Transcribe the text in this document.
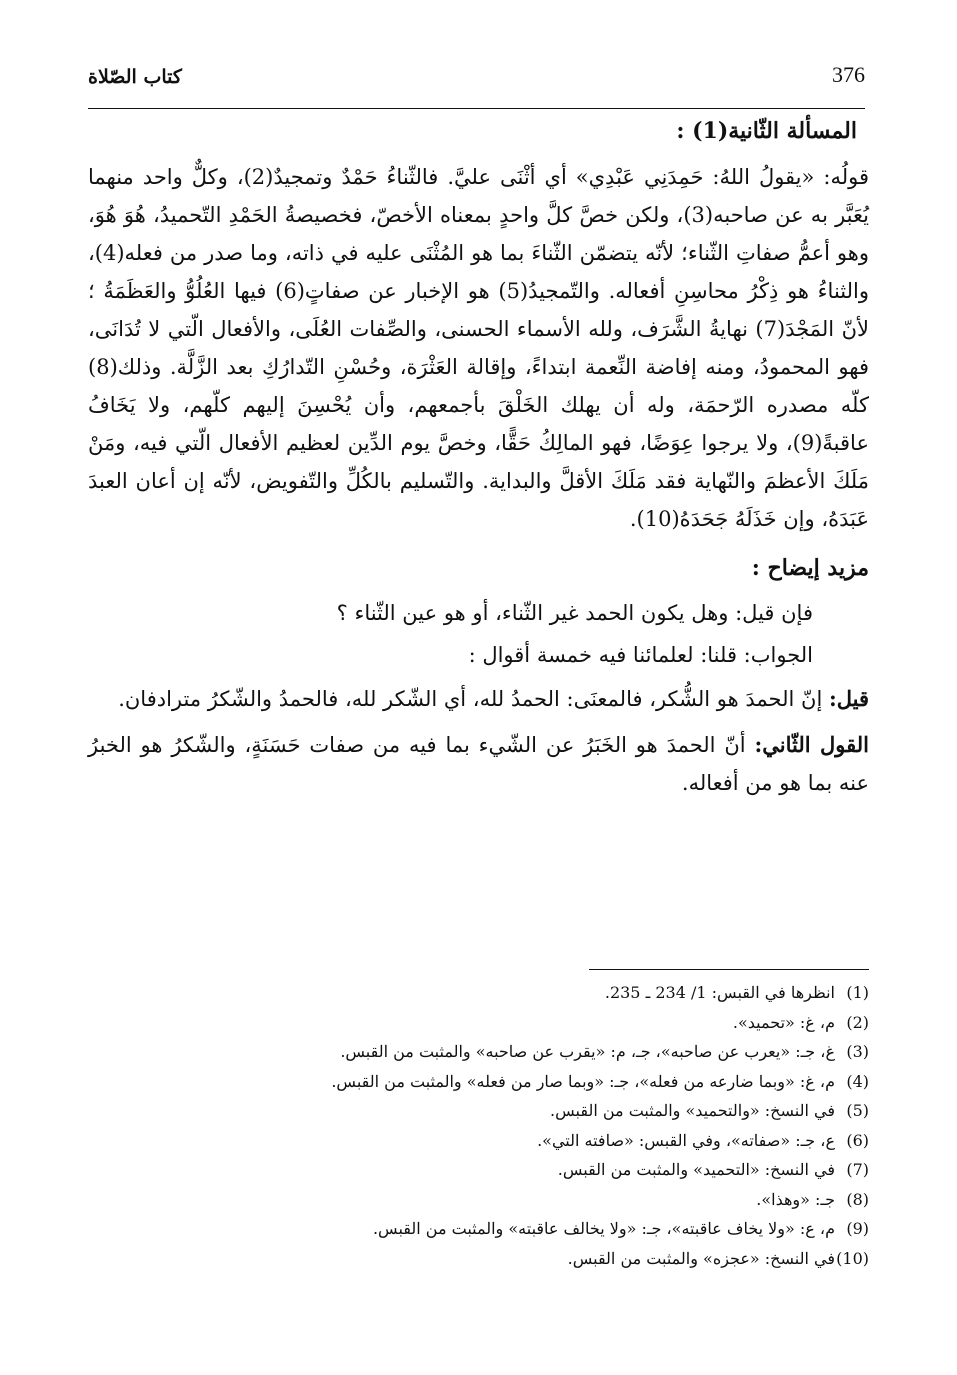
كتاب الصّلاة	376
المسألة الثّانية(1) :

قولُه: «يقولُ اللهُ: حَمِدَنِي عَبْدِي» أي أثْنَى عليَّ. فالثّناءُ حَمْدٌ وتمجيدٌ(2)، وكلٌّ واحد منهما يُعَبَّر به عن صاحبه(3)، ولكن خصَّ كلَّ واحدٍ بمعناه الأخصّ، فخصيصةُ الحَمْدِ التّحميدُ، هُوَ هُوَ، وهو أعمُّ صفاتِ الثّناء؛ لأنّه يتضمّن الثّناءَ بما هو المُثْنَى عليه في ذاته، وما صدر من فعله(4)، والثناءُ هو ذِكْرُ محاسِنِ أفعاله. والتّمجيدُ(5) هو الإخبار عن صفاتٍ(6) فيها العُلُوُّ والعَظَمَةُ ؛ لأنّ المَجْدَ(7) نهايةُ الشَّرَف، ولله الأسماء الحسنى، والصِّفات العُلَى، والأفعال الّتي لا تُدَانَى، فهو المحمودُ، ومنه إفاضة النِّعمة ابتداءً، وإقالة العَثْرَة، وحُسْنِ التّدارُكِ بعد الزَّلَّة. وذلك(8) كلّه مصدره الرّحمَة، وله أن يهلك الخَلْقَ بأجمعهم، وأن يُحْسِنَ إليهم كلّهم، ولا يَخَافُ عاقبةً(9)، ولا يرجوا عِوَضًا، فهو المالِكُ حَقًّا، وخصَّ يوم الدِّين لعظيم الأفعال الّتي فيه، ومَنْ مَلَكَ الأعظمَ والنّهاية فقد مَلَكَ الأقلَّ والبداية. والتّسليم بالكُلِّ والتّفويض، لأنّه إن أعان العبدَ عَبَدَهُ، وإن خَذَلَهُ جَحَدَهُ(10).

مزيد إيضاح :

فإن قيل: وهل يكون الحمد غير الثّناء، أو هو عين الثّناء ؟

الجواب: قلنا: لعلمائنا فيه خمسة أقوال :

قيل: إنّ الحمدَ هو الشُّكر، فالمعنَى: الحمدُ لله، أي الشّكر لله، فالحمدُ والشّكرُ مترادفان.

القول الثّاني: أنّ الحمدَ هو الخَبَرُ عن الشّيء بما فيه من صفات حَسَنَةٍ، والشّكرُ هو الخبرُ عنه بما هو من أفعاله.

(1)انظرها في القبس: 1/ 234 ـ 235.

(2)م، غ: «تحميد».

(3)غ، جـ: «يعرب عن صاحبه»، جـ، م: «يقرب عن صاحبه» والمثبت من القبس.

(4)م، غ: «وبما ضارعه من فعله»، جـ: «وبما صار من فعله» والمثبت من القبس.

(5)في النسخ: «والتحميد» والمثبت من القبس.

(6)ع، جـ: «صفاته»، وفي القبس: «صافته التي».

(7)في النسخ: «التحميد» والمثبت من القبس.

(8)جـ: «وهذا».

(9)م، ع: «ولا يخاف عاقبته»، جـ: «ولا يخالف عاقبته» والمثبت من القبس.

(10)في النسخ: «عجزه» والمثبت من القبس.
